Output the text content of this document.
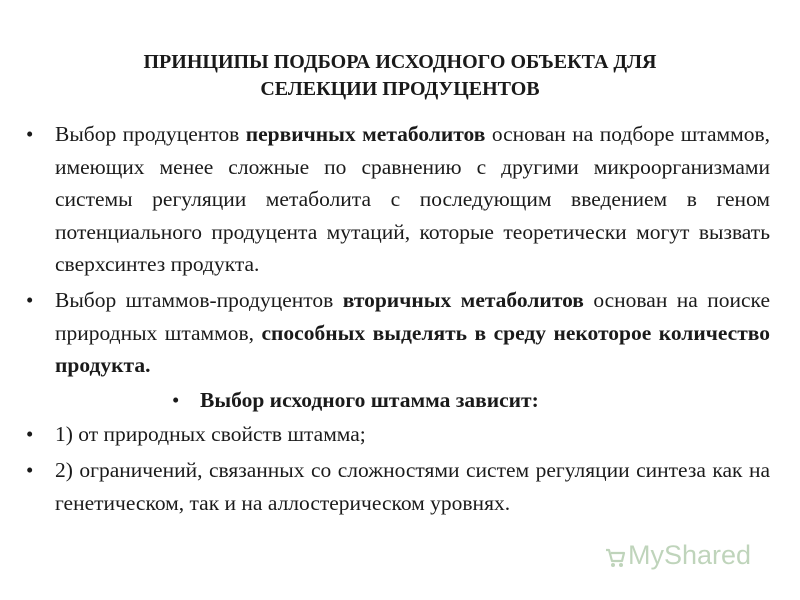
ПРИНЦИПЫ ПОДБОРА ИСХОДНОГО ОБЪЕКТА ДЛЯ
СЕЛЕКЦИИ ПРОДУЦЕНТОВ

• Выбор продуцентов первичных метаболитов основан на подборе штаммов, имеющих менее сложные по сравнению с другими микроорганизмами системы регуляции метаболита с последующим введением в геном потенциального продуцента мутаций, которые теоретически могут вызвать сверхсинтез продукта.

• Выбор штаммов-продуцентов вторичных метаболитов основан на поиске природных штаммов, способных выделять в среду некоторое количество продукта.

• Выбор исходного штамма зависит:

• 1) от природных свойств штамма;

• 2) ограничений, связанных со сложностями систем регуляции синтеза как на генетическом, так и на аллостерическом уровнях.

MyShared
